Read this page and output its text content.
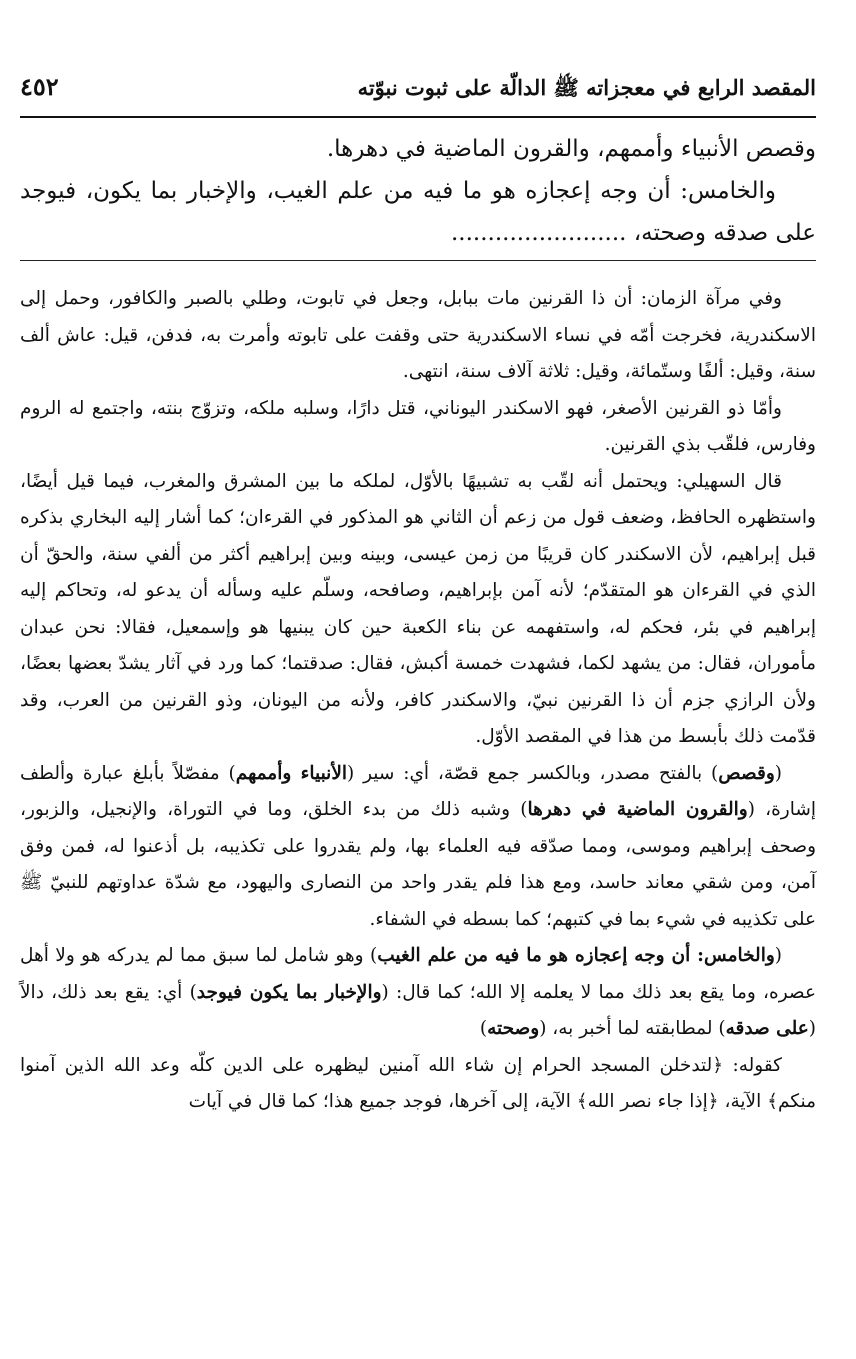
المقصد الرابع في معجزاته ﷺ الدالّة على ثبوت نبوّته
٤٥٢

وقصص الأنبياء وأممهم، والقرون الماضية في دهرها.

والخامس: أن وجه إعجازه هو ما فيه من علم الغيب، والإخبار بما يكون، فيوجد على صدقه وصحته، ........................

وفي مرآة الزمان: أن ذا القرنين مات ببابل، وجعل في تابوت، وطلي بالصبر والكافور، وحمل إلى الاسكندرية، فخرجت أمّه في نساء الاسكندرية حتى وقفت على تابوته وأمرت به، فدفن، قيل: عاش ألف سنة، وقيل: ألفًا وستّمائة، وقيل: ثلاثة آلاف سنة، انتهى.

وأمّا ذو القرنين الأصغر، فهو الاسكندر اليوناني، قتل دارًا، وسلبه ملكه، وتزوّج بنته، واجتمع له الروم وفارس، فلقّب بذي القرنين.

قال السهيلي: ويحتمل أنه لقّب به تشبيهًا بالأوّل، لملكه ما بين المشرق والمغرب، فيما قيل أيضًا، واستظهره الحافظ، وضعف قول من زعم أن الثاني هو المذكور في القرءان؛ كما أشار إليه البخاري بذكره قبل إبراهيم، لأن الاسكندر كان قريبًا من زمن عيسى، وبينه وبين إبراهيم أكثر من ألفي سنة، والحقّ أن الذي في القرءان هو المتقدّم؛ لأنه آمن بإبراهيم، وصافحه، وسلّم عليه وسأله أن يدعو له، وتحاكم إليه إبراهيم في بئر، فحكم له، واستفهمه عن بناء الكعبة حين كان يبنيها هو وإسمعيل، فقالا: نحن عبدان مأموران، فقال: من يشهد لكما، فشهدت خمسة أكبش، فقال: صدقتما؛ كما ورد في آثار يشدّ بعضها بعضًا، ولأن الرازي جزم أن ذا القرنين نبيّ، والاسكندر كافر، ولأنه من اليونان، وذو القرنين من العرب، وقد قدّمت ذلك بأبسط من هذا في المقصد الأوّل.

(وقصص) بالفتح مصدر، وبالكسر جمع قصّة، أي: سير (الأنبياء وأممهم) مفصّلاً بأبلغ عبارة وألطف إشارة، (والقرون الماضية في دهرها) وشبه ذلك من بدء الخلق، وما في التوراة، والإنجيل، والزبور، وصحف إبراهيم وموسى، ومما صدّقه فيه العلماء بها، ولم يقدروا على تكذيبه، بل أذعنوا له، فمن وفق آمن، ومن شقي معاند حاسد، ومع هذا فلم يقدر واحد من النصارى واليهود، مع شدّة عداوتهم للنبيّ ﷺ على تكذيبه في شيء بما في كتبهم؛ كما بسطه في الشفاء.

(والخامس: أن وجه إعجازه هو ما فيه من علم الغيب) وهو شامل لما سبق مما لم يدركه هو ولا أهل عصره، وما يقع بعد ذلك مما لا يعلمه إلا الله؛ كما قال: (والإخبار بما يكون فيوجد) أي: يقع بعد ذلك، دالاً (على صدقه) لمطابقته لما أخبر به، (وصحته)

كقوله: ﴿لتدخلن المسجد الحرام إن شاء الله آمنين ليظهره على الدين كلّه وعد الله الذين آمنوا منكم﴾ الآية، ﴿إذا جاء نصر الله﴾ الآية، إلى آخرها، فوجد جميع هذا؛ كما قال في آيات
